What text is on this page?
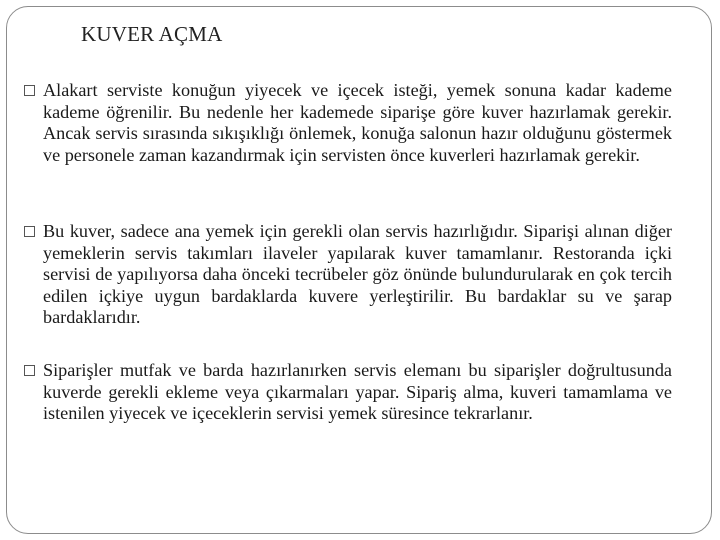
KUVER AÇMA
Alakart serviste konuğun yiyecek ve içecek isteği, yemek sonuna kadar kademe kademe öğrenilir. Bu nedenle her kademede siparişe göre kuver hazırlamak gerekir. Ancak servis sırasında sıkışıklığı önlemek, konuğa salonun hazır olduğunu göstermek ve personele zaman kazandırmak için servisten önce kuverleri hazırlamak gerekir.
Bu kuver, sadece ana yemek için gerekli olan servis hazırlığıdır. Siparişi alınan diğer yemeklerin servis takımları ilaveler yapılarak kuver tamamlanır. Restoranda içki servisi de yapılıyorsa daha önceki tecrübeler göz önünde bulundurularak en çok tercih edilen içkiye uygun bardaklarda kuvere yerleştirilir. Bu bardaklar su ve şarap bardaklarıdır.
Siparişler mutfak ve barda hazırlanırken servis elemanı bu siparişler doğrultusunda kuverde gerekli ekleme veya çıkarmaları yapar. Sipariş alma, kuveri tamamlama ve istenilen yiyecek ve içeceklerin servisi yemek süresince tekrarlanır.
